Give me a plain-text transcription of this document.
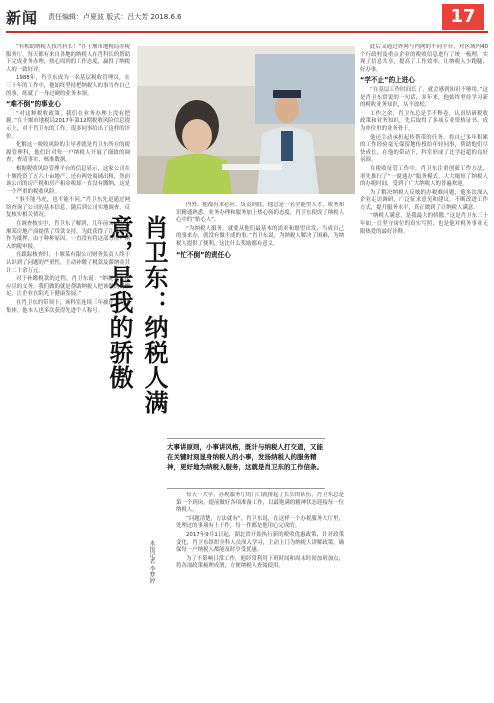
新闻 责任编辑：卢夏波 版式：吕大芳 2018.6.6	17

“有相助纳税人找肖科长！”在十堰市地税局办税服务厅，每天都有来自各地的纳税人在肖科长的帮助下完成业务办理，热心周到的工作态度，赢得了纳税人的一致好评。

1988年，肖卫东成为一名基层税收管理员，在三十年的工作中，他始终坚持把纳税人的事当作自己的事，练就了一身过硬的业务本领。

“难不倒”的事业心

“对这种税收政策，我们在业务办理上没有把握。”在十堰市地税局2017年第12期税收风险信息提示上，对于肖卫东的工作，很多同事给出了这样的评价。

化解这一税收风险的主导者就是肖卫东所在的税源管理科，他们针对每一户纳税人开展了细致的调查，查清事实，核准数据。

根据税收风险管理平台的信息显示，这家公司在十堰投资了五六十亩地产，还有两处商铺出租，然而该公司的房产税和房产租金税却一直没有缴纳，这是一个严重的税收风险。

“事不能马虎，也不能不问。”肖卫东先是通过网络查询了公司的基本信息，随后到公司实地调查，反复核实相关情况。

在调查核实中，肖卫东了解到，几年前公司为十堰某房地产商提供了贷款支持，为此获得了几处房产作为抵押，由于种种原因，一直没有将这部分房产纳入纳税申报。

在跟踪核查时，十堰某有限公司财务负责人终于认识到了问题的严重性，主动补缴了税款及滞纳金共计二十余万元。

对于补缴税款的过程，肖卫东说：“纳税是公民应尽的义务，我们做的就是帮助纳税人把该缴的税缴足，让企业在阳光下健康发展。”

在肖卫东的带领下，该科室连续三年被评为先进集体，他本人也多次获得先进个人称号。	肖卫东：纳税人满意，是我的骄傲

内外、他都有求必应、负责到底，他总是一名全能型人才，税务知识精通熟悉，业务办理和服务加上热心肠的态度，肖卫东使成了纳税人心中的“贴心人”。

“为纳税人服务，就要从他们最基本的需求和愿望出发，当成自己的事来办，就没有做不成的事。”肖卫东说，为纳税人解决了困难，为纳税人提供了便利，这比什么奖励都有意义。

“忙不倒”的责任心
大事讲原则，小事讲风格，既计与纳税人打交道，又能在关键时刻显身纳税人的小事，发扬纳税人的服务精神，更好地为纳税人服务，这就是肖卫东的工作信条。

每天一大早，办税服务厅的门口就排起了长长的队伍，肖卫东总是第一个到岗，提前做好各项准备工作，以最饱满的精神状态迎接每一位纳税人。

“问题清楚，方法就有”，肖卫东说，在这样一个办税服务大厅里，处理过的事项有上千件，每一件都是他用心完成的。

2017年9月1日起，湖北省开始执行新的税收优惠政策，针对政策变化，肖卫东组织全科人员深入学习，主动上门为纳税人讲解政策，确保每一户纳税人都能及时享受优惠。

为了不影响日常工作，他经常利用下班时间和周末时间加班加点，将各项政策梳理成册，方便纳税人查阅使用。

本报记者 李梦婷

此后又通过外网与内网的不同平台，对区域内40个行政村及重点企业的税收信息进行了统一梳理，实现了信息共享，提高了工作效率，让纳税人少跑腿、好办事。

“学不止”的上进心

“在基层工作时间长了，就会感到知识不够用。”这是肖卫东常说的一句话，多年来，他始终坚持学习新的税收业务知识，从不放松。

工作之余，肖卫东总是手不释卷，认真钻研税收政策和业务知识，先后取得了多项专业资格证书，成为单位里的业务骨干。

他还主动承担起传帮带的任务，将自己多年积累的工作经验毫无保留地传授给年轻同事，帮助他们尽快成长，在他的带动下，科室形成了比学赶超的良好氛围。

在税收征管工作中，肖卫东注重创新工作方法，率先推行了“一窗通办”服务模式，大大缩短了纳税人的办税时间，受到了广大纳税人的普遍欢迎。

为了解决纳税人反映的办税难问题，他多次深入企业走访调研，广泛征求意见和建议，不断改进工作方式，提升服务水平，真正做到了让纳税人满意。

“纳税人满意，是我最大的骄傲。”这是肖卫东三十年如一日坚守岗位的真实写照，也是他对税务事业无限热爱的最好诠释。
